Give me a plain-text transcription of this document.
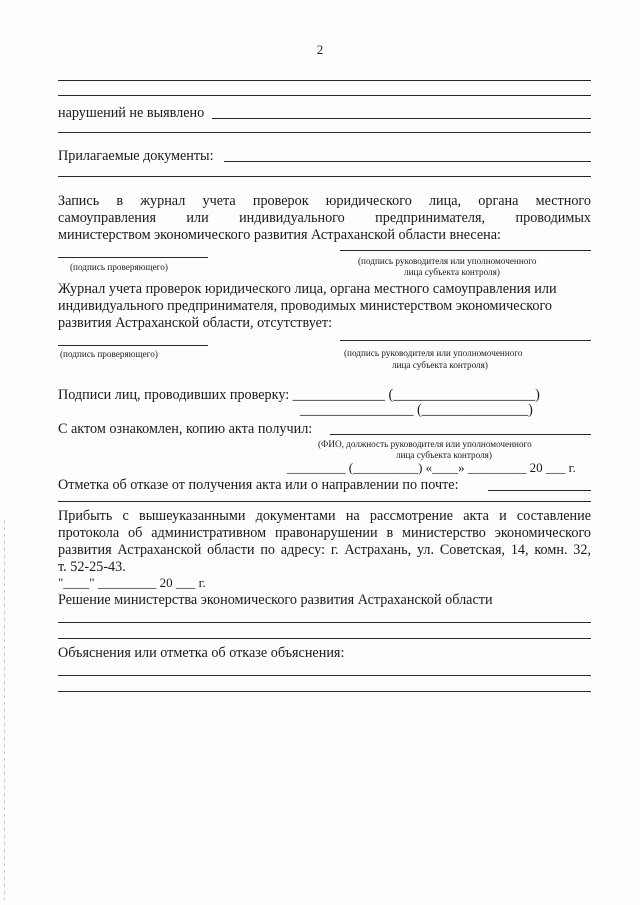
2
нарушений не выявлено
Прилагаемые документы:
Запись в журнал учета проверок юридического лица, органа местного
самоуправления или индивидуального предпринимателя, проводимых
министерством экономического развития Астраханской области внесена:
(подпись проверяющего)
(подпись руководителя или уполномоченного
лица субъекта контроля)
Журнал учета проверок юридического лица, органа местного самоуправления или
индивидуального предпринимателя, проводимых министерством экономического
развития Астраханской области, отсутствует:
(подпись проверяющего)	(подпись руководителя или уполномоченного
лица субъекта контроля)
Подписи лиц, проводивших проверку: _____________ (____________________)
________________ (_______________)
С актом ознакомлен, копию акта получил:
(ФИО, должность руководителя или уполномоченного
лица субъекта контроля)
_________ (__________) «____» _________ 20 ___ г.
Отметка об отказе от получения акта или о направлении по почте:
Прибыть с вышеуказанными документами на рассмотрение акта и составление
протокола об административном правонарушении в министерство экономического
развития Астраханской области по адресу: г. Астрахань, ул. Советская, 14, комн. 32,
т. 52-25-43.
"____" _________ 20 ___ г.
Решение министерства экономического развития Астраханской области
Объяснения или отметка об отказе объяснения:
